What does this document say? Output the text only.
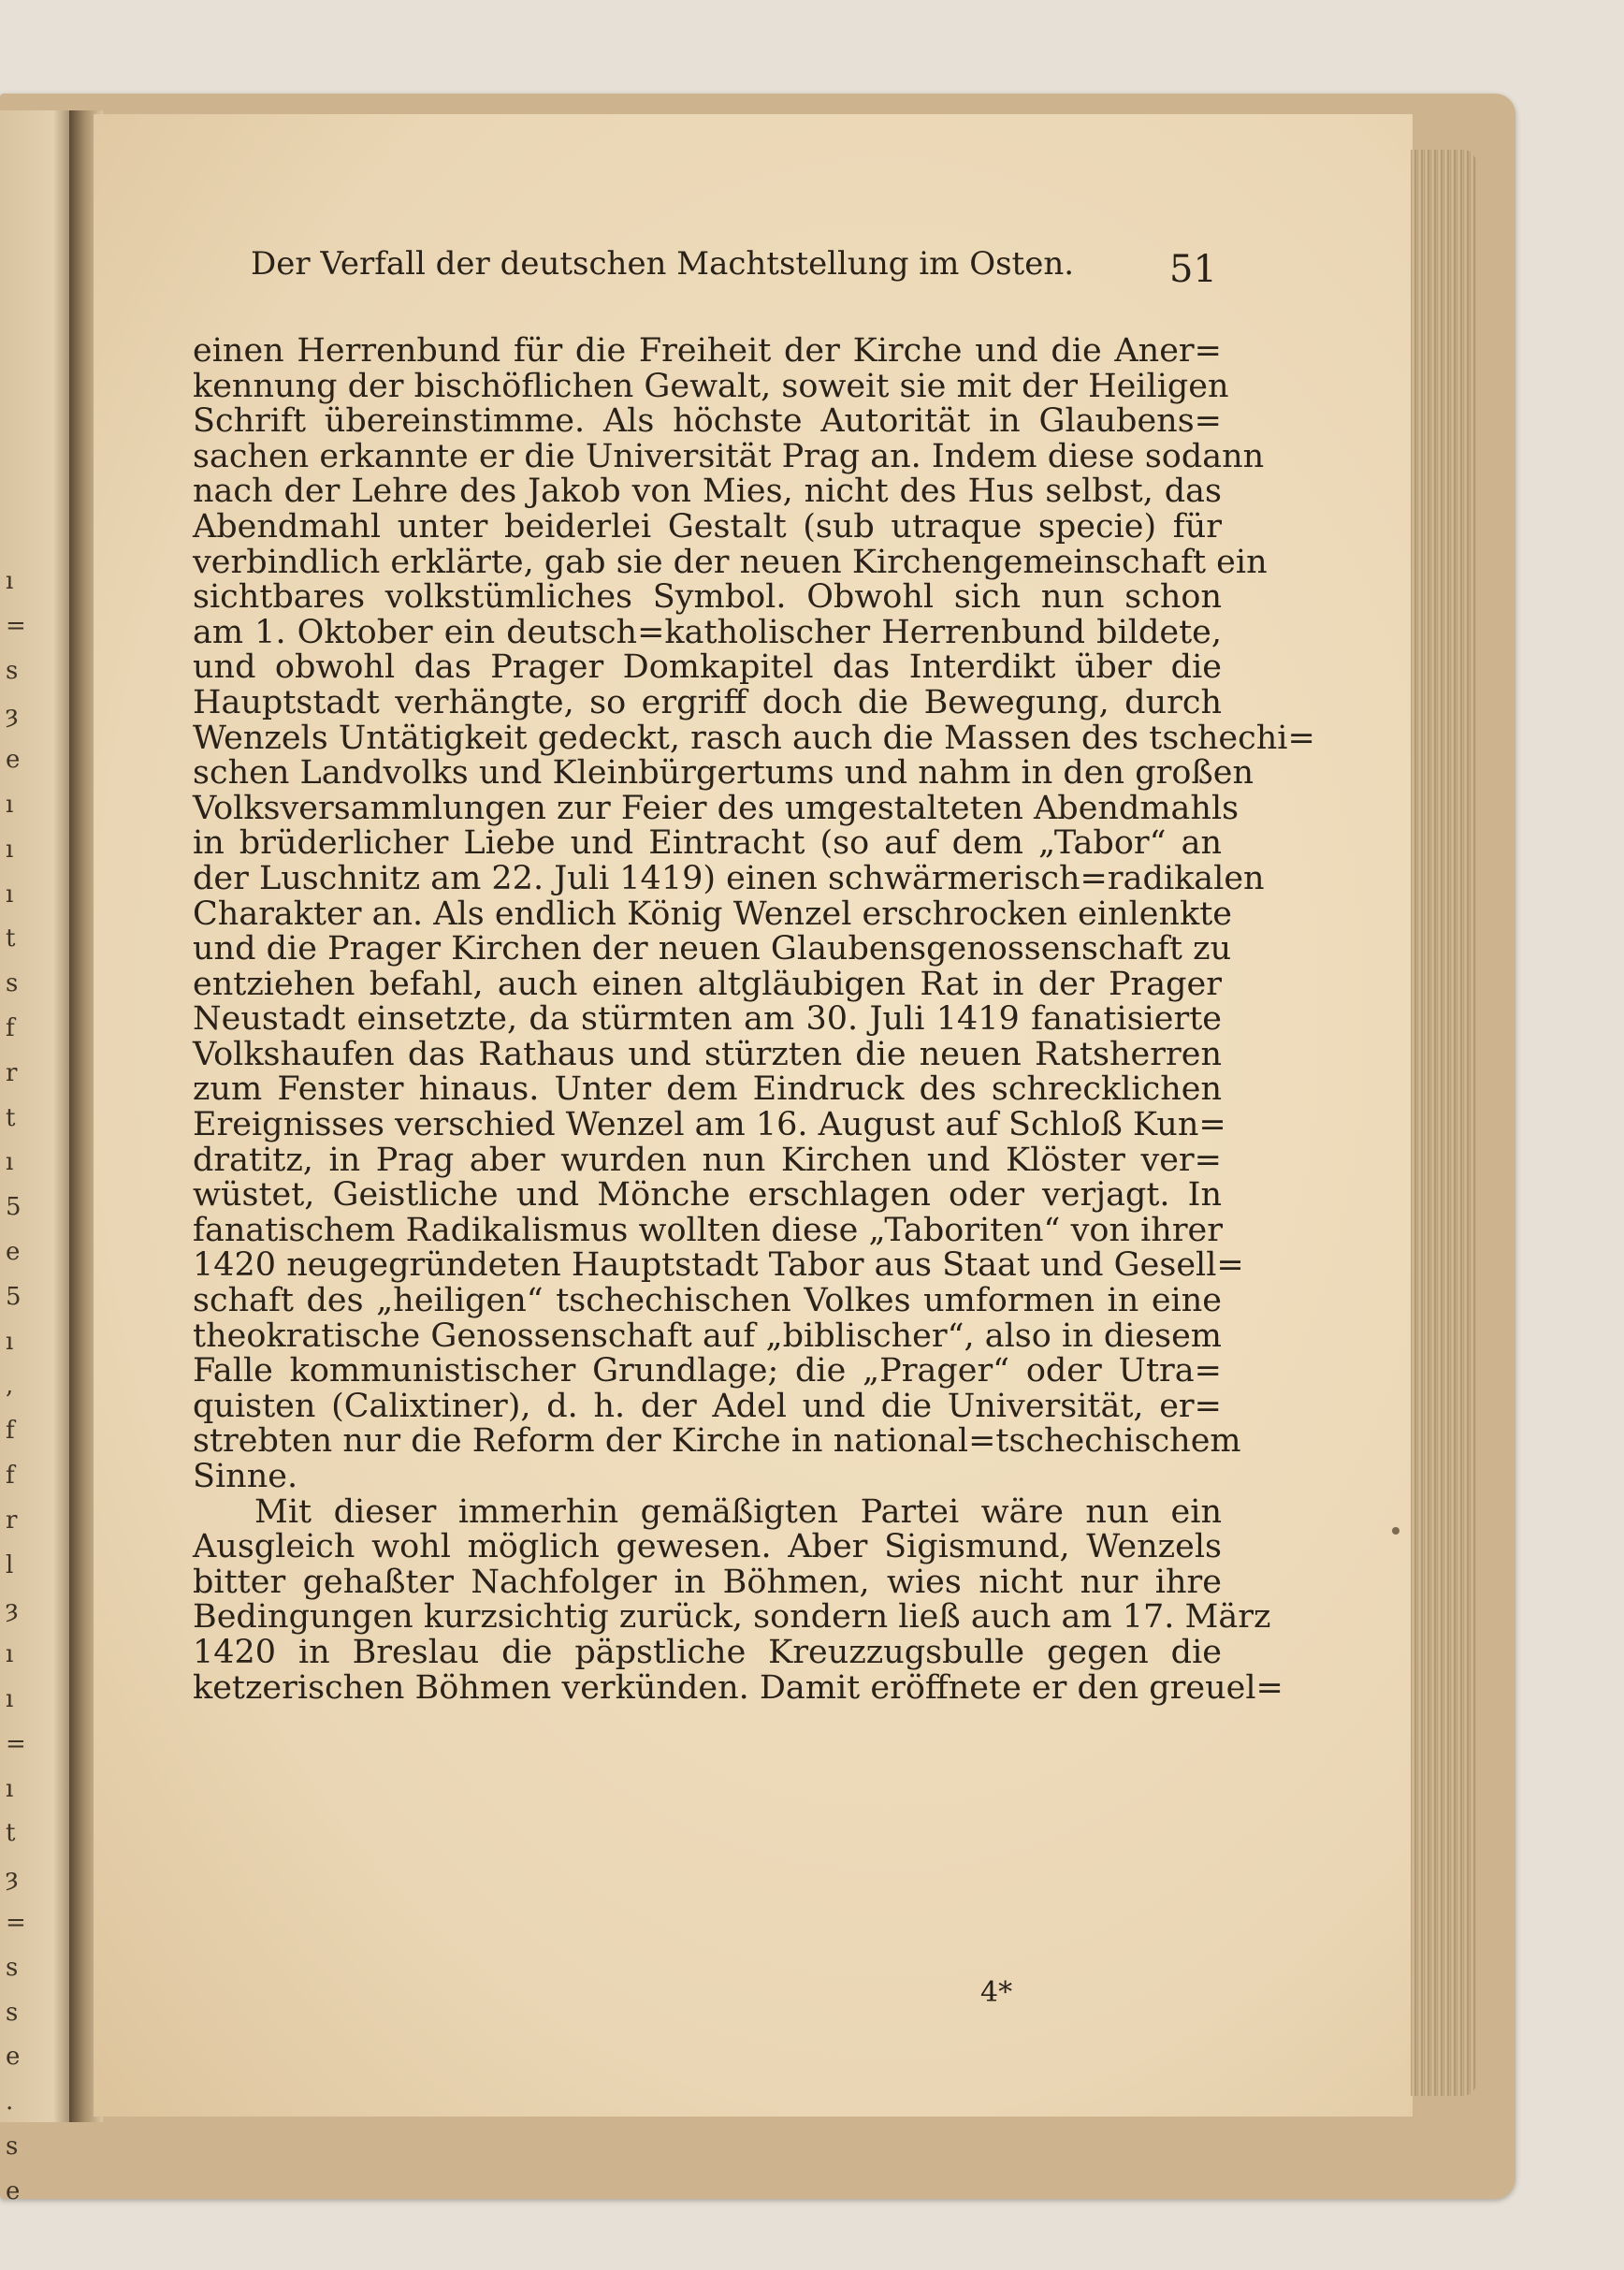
ı
=
s
ȝ
e
ı
ı
ı
t
s
f
r
t
ı
5
e
5
ı
,
f
f
r
l
ȝ
ı
ı
=
ı
t
ȝ
=
s
s
e
.
s
e
Der Verfall der deutschen Machtstellung im Osten.	51
einen Herrenbund für die Freiheit der Kirche und die Aner=
kennung der bischöflichen Gewalt, soweit sie mit der Heiligen
Schrift übereinstimme. Als höchste Autorität in Glaubens=
sachen erkannte er die Universität Prag an. Indem diese sodann
nach der Lehre des Jakob von Mies, nicht des Hus selbst, das
Abendmahl unter beiderlei Gestalt (sub utraque specie) für
verbindlich erklärte, gab sie der neuen Kirchengemeinschaft ein
sichtbares volkstümliches Symbol. Obwohl sich nun schon
am 1. Oktober ein deutsch=katholischer Herrenbund bildete,
und obwohl das Prager Domkapitel das Interdikt über die
Hauptstadt verhängte, so ergriff doch die Bewegung, durch
Wenzels Untätigkeit gedeckt, rasch auch die Massen des tschechi=
schen Landvolks und Kleinbürgertums und nahm in den großen
Volksversammlungen zur Feier des umgestalteten Abendmahls
in brüderlicher Liebe und Eintracht (so auf dem „Tabor“ an
der Luschnitz am 22. Juli 1419) einen schwärmerisch=radikalen
Charakter an. Als endlich König Wenzel erschrocken einlenkte
und die Prager Kirchen der neuen Glaubensgenossenschaft zu
entziehen befahl, auch einen altgläubigen Rat in der Prager
Neustadt einsetzte, da stürmten am 30. Juli 1419 fanatisierte
Volkshaufen das Rathaus und stürzten die neuen Ratsherren
zum Fenster hinaus. Unter dem Eindruck des schrecklichen
Ereignisses verschied Wenzel am 16. August auf Schloß Kun=
dratitz, in Prag aber wurden nun Kirchen und Klöster ver=
wüstet, Geistliche und Mönche erschlagen oder verjagt. In
fanatischem Radikalismus wollten diese „Taboriten“ von ihrer
1420 neugegründeten Hauptstadt Tabor aus Staat und Gesell=
schaft des „heiligen“ tschechischen Volkes umformen in eine
theokratische Genossenschaft auf „biblischer“, also in diesem
Falle kommunistischer Grundlage; die „Prager“ oder Utra=
quisten (Calixtiner), d. h. der Adel und die Universität, er=
strebten nur die Reform der Kirche in national=tschechischem
Sinne.
Mit dieser immerhin gemäßigten Partei wäre nun ein
Ausgleich wohl möglich gewesen. Aber Sigismund, Wenzels
bitter gehaßter Nachfolger in Böhmen, wies nicht nur ihre
Bedingungen kurzsichtig zurück, sondern ließ auch am 17. März
1420 in Breslau die päpstliche Kreuzzugsbulle gegen die
ketzerischen Böhmen verkünden. Damit eröffnete er den greuel=
4*
